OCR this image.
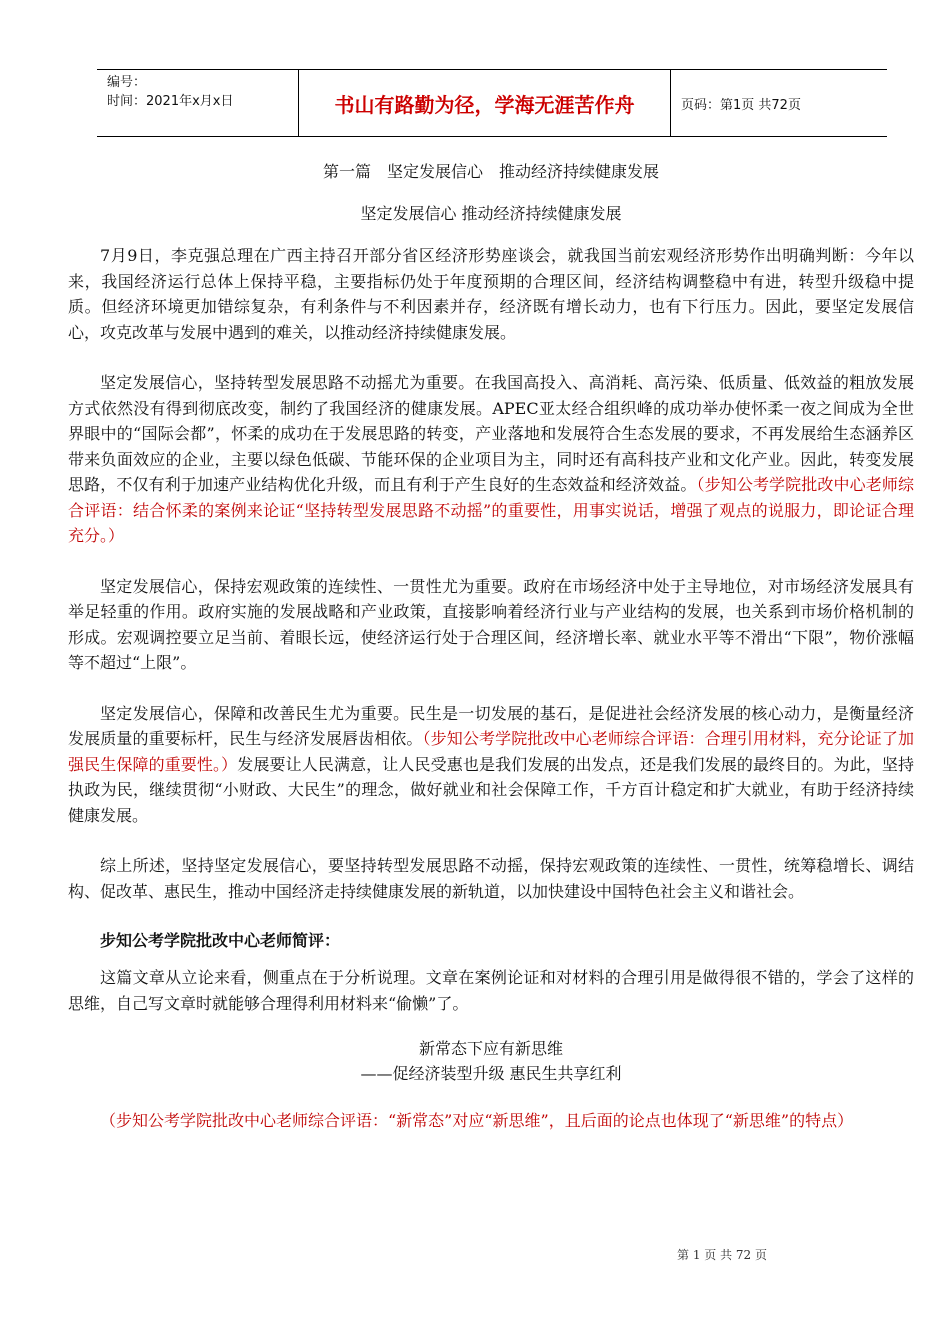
编号：
时间：2021年x月x日	书山有路勤为径，学海无涯苦作舟	页码：第1页 共72页
第一篇　坚定发展信心　推动经济持续健康发展
坚定发展信心 推动经济持续健康发展

7月9日，李克强总理在广西主持召开部分省区经济形势座谈会，就我国当前宏观经济形势作出明确判断：今年以来，我国经济运行总体上保持平稳，主要指标仍处于年度预期的合理区间，经济结构调整稳中有进，转型升级稳中提质。但经济环境更加错综复杂，有利条件与不利因素并存，经济既有增长动力，也有下行压力。因此，要坚定发展信心，攻克改革与发展中遇到的难关，以推动经济持续健康发展。

坚定发展信心，坚持转型发展思路不动摇尤为重要。在我国高投入、高消耗、高污染、低质量、低效益的粗放发展方式依然没有得到彻底改变，制约了我国经济的健康发展。APEC亚太经合组织峰的成功举办使怀柔一夜之间成为全世界眼中的“国际会都”，怀柔的成功在于发展思路的转变，产业落地和发展符合生态发展的要求，不再发展给生态涵养区带来负面效应的企业，主要以绿色低碳、节能环保的企业项目为主，同时还有高科技产业和文化产业。因此，转变发展思路，不仅有利于加速产业结构优化升级，而且有利于产生良好的生态效益和经济效益。（步知公考学院批改中心老师综合评语：结合怀柔的案例来论证“坚持转型发展思路不动摇”的重要性，用事实说话，增强了观点的说服力，即论证合理充分。）

坚定发展信心，保持宏观政策的连续性、一贯性尤为重要。政府在市场经济中处于主导地位，对市场经济发展具有举足轻重的作用。政府实施的发展战略和产业政策，直接影响着经济行业与产业结构的发展，也关系到市场价格机制的形成。宏观调控要立足当前、着眼长远，使经济运行处于合理区间，经济增长率、就业水平等不滑出“下限”，物价涨幅等不超过“上限”。

坚定发展信心，保障和改善民生尤为重要。民生是一切发展的基石，是促进社会经济发展的核心动力，是衡量经济发展质量的重要标杆，民生与经济发展唇齿相依。（步知公考学院批改中心老师综合评语：合理引用材料，充分论证了加强民生保障的重要性。）发展要让人民满意，让人民受惠也是我们发展的出发点，还是我们发展的最终目的。为此，坚持执政为民，继续贯彻“小财政、大民生”的理念，做好就业和社会保障工作，千方百计稳定和扩大就业，有助于经济持续健康发展。

综上所述，坚持坚定发展信心，要坚持转型发展思路不动摇，保持宏观政策的连续性、一贯性，统筹稳增长、调结构、促改革、惠民生，推动中国经济走持续健康发展的新轨道，以加快建设中国特色社会主义和谐社会。

步知公考学院批改中心老师简评：

这篇文章从立论来看，侧重点在于分析说理。文章在案例论证和对材料的合理引用是做得很不错的，学会了这样的思维，自己写文章时就能够合理得利用材料来“偷懒”了。

新常态下应有新思维
——促经济装型升级 惠民生共享红利

（步知公考学院批改中心老师综合评语：“新常态”对应“新思维”，且后面的论点也体现了“新思维”的特点）

第 1 页 共 72 页
